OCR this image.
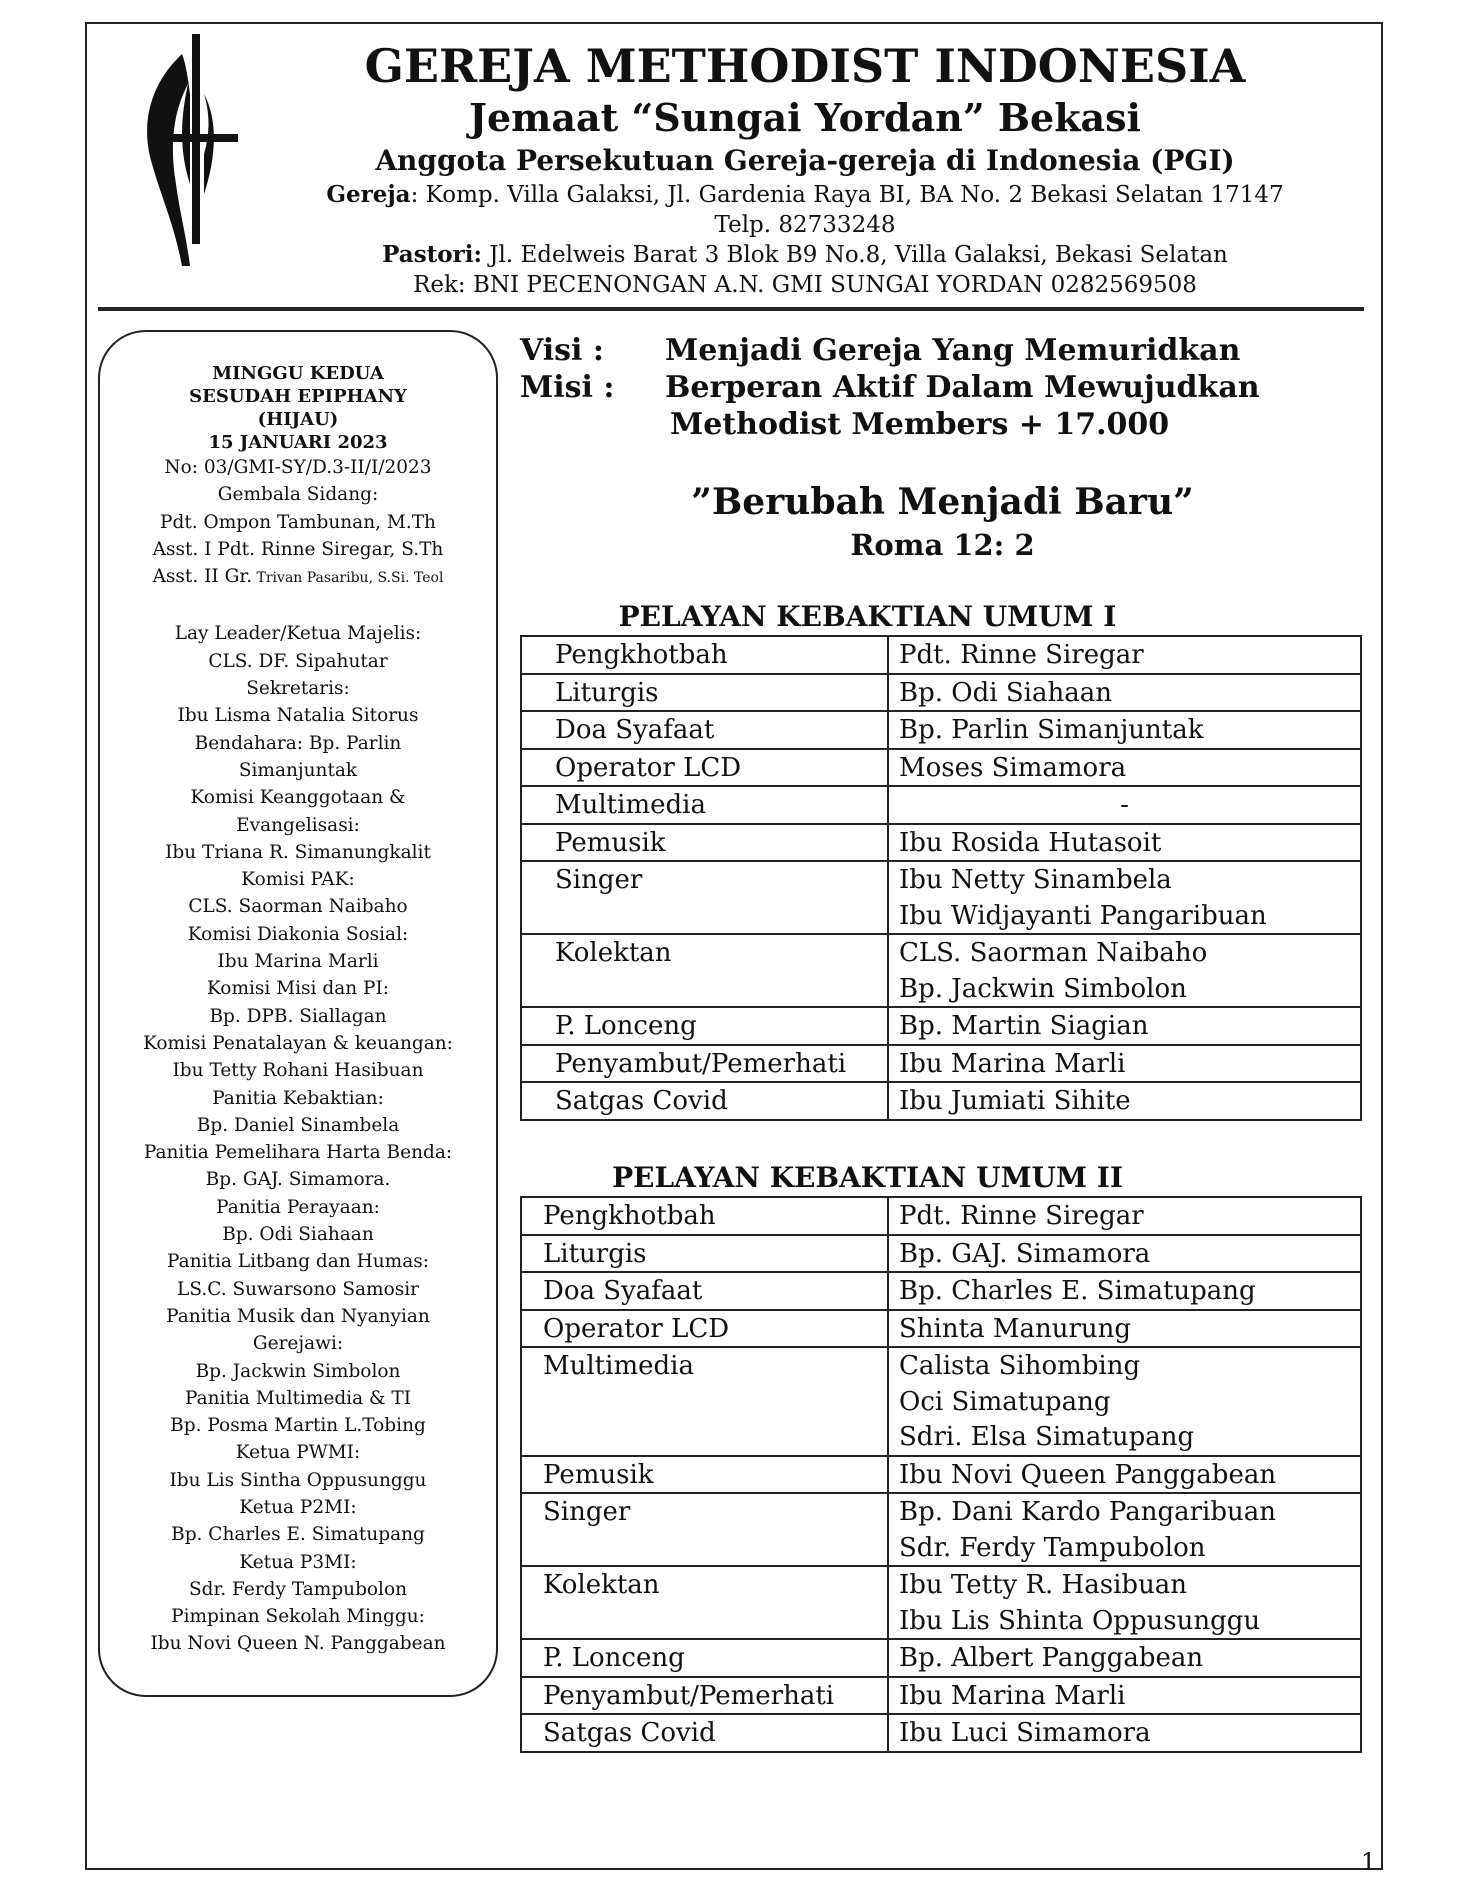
GEREJA METHODIST INDONESIA
Jemaat “Sungai Yordan” Bekasi
Anggota Persekutuan Gereja-gereja di Indonesia (PGI)
Gereja: Komp. Villa Galaksi, Jl. Gardenia Raya BI, BA No. 2 Bekasi Selatan 17147
Telp. 82733248
Pastori: Jl. Edelweis Barat 3 Blok B9 No.8, Villa Galaksi, Bekasi Selatan
Rek: BNI PECENONGAN A.N. GMI SUNGAI YORDAN 0282569508
MINGGU KEDUA
SESUDAH EPIPHANY
(HIJAU)
15 JANUARI 2023
No: 03/GMI-SY/D.3-II/I/2023
Gembala Sidang:
Pdt. Ompon Tambunan, M.Th
Asst. I Pdt. Rinne Siregar, S.Th
Asst. II Gr. Trivan Pasaribu, S.Si. Teol
Lay Leader/Ketua Majelis:
CLS. DF. Sipahutar
Sekretaris:
Ibu Lisma Natalia Sitorus
Bendahara: Bp. Parlin
Simanjuntak
Komisi Keanggotaan &
Evangelisasi:
Ibu Triana R. Simanungkalit
Komisi PAK:
CLS. Saorman Naibaho
Komisi Diakonia Sosial:
Ibu Marina Marli
Komisi Misi dan PI:
Bp. DPB. Siallagan
Komisi Penatalayan & keuangan:
Ibu Tetty Rohani Hasibuan
Panitia Kebaktian:
Bp. Daniel Sinambela
Panitia Pemelihara Harta Benda:
Bp. GAJ. Simamora.
Panitia Perayaan:
Bp. Odi Siahaan
Panitia Litbang dan Humas:
LS.C. Suwarsono Samosir
Panitia Musik dan Nyanyian
Gerejawi:
Bp. Jackwin Simbolon
Panitia Multimedia & TI
Bp. Posma Martin L.Tobing
Ketua PWMI:
Ibu Lis Sintha Oppusunggu
Ketua P2MI:
Bp. Charles E. Simatupang
Ketua P3MI:
Sdr. Ferdy Tampubolon
Pimpinan Sekolah Minggu:
Ibu Novi Queen N. Panggabean
Visi :	Menjadi Gereja Yang Memuridkan
Misi :	Berperan Aktif Dalam Mewujudkan
Methodist Members + 17.000
”Berubah Menjadi Baru”
Roma 12: 2
PELAYAN KEBAKTIAN UMUM I
Pengkhotbah	Pdt. Rinne Siregar

Liturgis	Bp. Odi Siahaan

Doa Syafaat	Bp. Parlin Simanjuntak

Operator LCD	Moses Simamora

Multimedia	-

Pemusik	Ibu Rosida Hutasoit

Singer	Ibu Netty Sinambela
Ibu Widjayanti Pangaribuan

Kolektan	CLS. Saorman Naibaho
Bp. Jackwin Simbolon

P. Lonceng	Bp. Martin Siagian

Penyambut/Pemerhati	Ibu Marina Marli

Satgas Covid	Ibu Jumiati Sihite
PELAYAN KEBAKTIAN UMUM II
Pengkhotbah	Pdt. Rinne Siregar

Liturgis	Bp. GAJ. Simamora

Doa Syafaat	Bp. Charles E. Simatupang

Operator LCD	Shinta Manurung

Multimedia	Calista Sihombing
Oci Simatupang
Sdri. Elsa Simatupang

Pemusik	Ibu Novi Queen Panggabean

Singer	Bp. Dani Kardo Pangaribuan
Sdr. Ferdy Tampubolon

Kolektan	Ibu Tetty R. Hasibuan
Ibu Lis Shinta Oppusunggu

P. Lonceng	Bp. Albert Panggabean

Penyambut/Pemerhati	Ibu Marina Marli

Satgas Covid	Ibu Luci Simamora
1
